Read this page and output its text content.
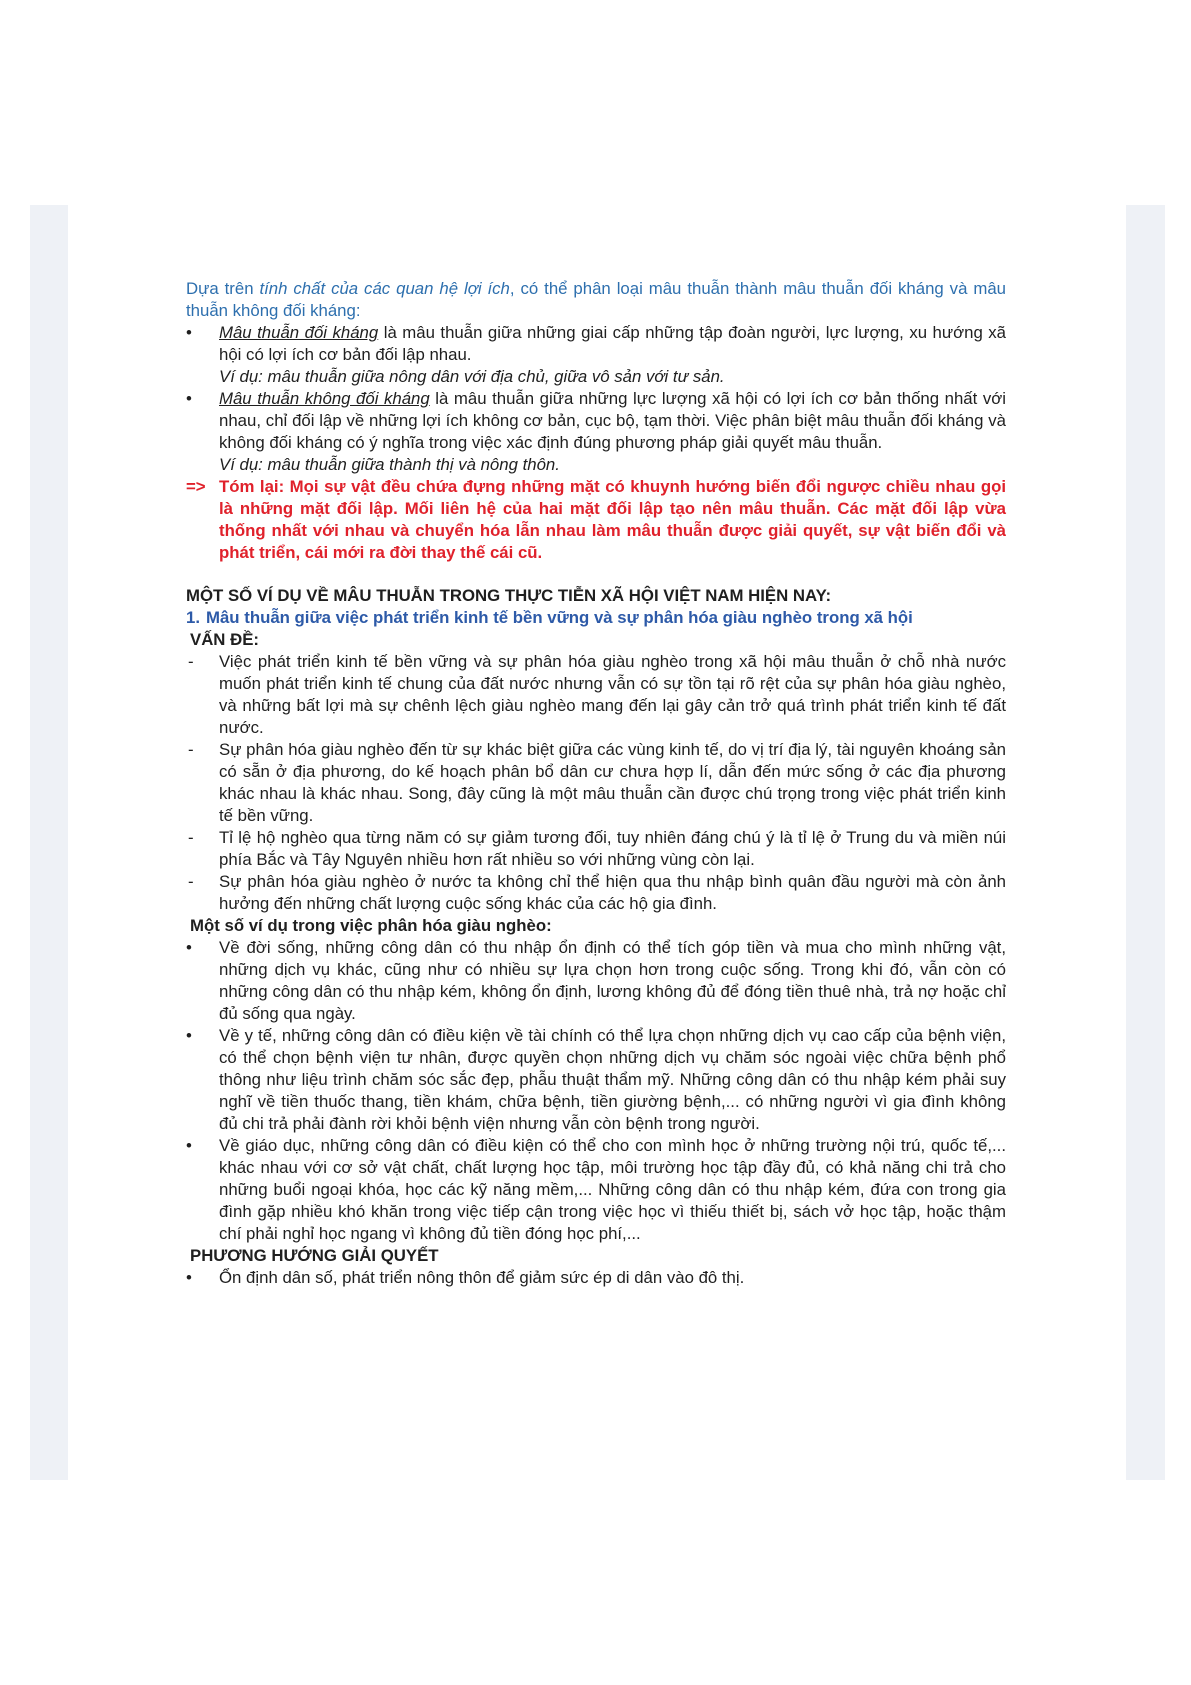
Dựa trên tính chất của các quan hệ lợi ích, có thể phân loại mâu thuẫn thành mâu thuẫn đối kháng và mâu thuẫn không đối kháng:

• Mâu thuẫn đối kháng là mâu thuẫn giữa những giai cấp những tập đoàn người, lực lượng, xu hướng xã hội có lợi ích cơ bản đối lập nhau.

Ví dụ: mâu thuẫn giữa nông dân với địa chủ, giữa vô sản với tư sản.

• Mâu thuẫn không đối kháng là mâu thuẫn giữa những lực lượng xã hội có lợi ích cơ bản thống nhất với nhau, chỉ đối lập về những lợi ích không cơ bản, cục bộ, tạm thời. Việc phân biệt mâu thuẫn đối kháng và không đối kháng có ý nghĩa trong việc xác định đúng phương pháp giải quyết mâu thuẫn.

Ví dụ: mâu thuẫn giữa thành thị và nông thôn.

=> Tóm lại: Mọi sự vật đều chứa đựng những mặt có khuynh hướng biến đổi ngược chiều nhau gọi là những mặt đối lập. Mối liên hệ của hai mặt đối lập tạo nên mâu thuẫn. Các mặt đối lập vừa thống nhất với nhau và chuyển hóa lẫn nhau làm mâu thuẫn được giải quyết, sự vật biến đổi và phát triển, cái mới ra đời thay thế cái cũ.

MỘT SỐ VÍ DỤ VỀ MÂU THUẪN TRONG THỰC TIỄN XÃ HỘI VIỆT NAM HIỆN NAY:

1. Mâu thuẫn giữa việc phát triển kinh tế bền vững và sự phân hóa giàu nghèo trong xã hội

VẤN ĐỀ:

- Việc phát triển kinh tế bền vững và sự phân hóa giàu nghèo trong xã hội mâu thuẫn ở chỗ nhà nước muốn phát triển kinh tế chung của đất nước nhưng vẫn có sự tồn tại rõ rệt của sự phân hóa giàu nghèo, và những bất lợi mà sự chênh lệch giàu nghèo mang đến lại gây cản trở quá trình phát triển kinh tế đất nước.

- Sự phân hóa giàu nghèo đến từ sự khác biệt giữa các vùng kinh tế, do vị trí địa lý, tài nguyên khoáng sản có sẵn ở địa phương, do kế hoạch phân bổ dân cư chưa hợp lí, dẫn đến mức sống ở các địa phương khác nhau là khác nhau. Song, đây cũng là một mâu thuẫn cần được chú trọng trong việc phát triển kinh tế bền vững.

- Tỉ lệ hộ nghèo qua từng năm có sự giảm tương đối, tuy nhiên đáng chú ý là tỉ lệ ở Trung du và miền núi phía Bắc và Tây Nguyên nhiều hơn rất nhiều so với những vùng còn lại.

- Sự phân hóa giàu nghèo ở nước ta không chỉ thể hiện qua thu nhập bình quân đầu người mà còn ảnh hưởng đến những chất lượng cuộc sống khác của các hộ gia đình.

Một số ví dụ trong việc phân hóa giàu nghèo:

• Về đời sống, những công dân có thu nhập ổn định có thể tích góp tiền và mua cho mình những vật, những dịch vụ khác, cũng như có nhiều sự lựa chọn hơn trong cuộc sống. Trong khi đó, vẫn còn có những công dân có thu nhập kém, không ổn định, lương không đủ để đóng tiền thuê nhà, trả nợ hoặc chỉ đủ sống qua ngày.

• Về y tế, những công dân có điều kiện về tài chính có thể lựa chọn những dịch vụ cao cấp của bệnh viện, có thể chọn bệnh viện tư nhân, được quyền chọn những dịch vụ chăm sóc ngoài việc chữa bệnh phổ thông như liệu trình chăm sóc sắc đẹp, phẫu thuật thẩm mỹ. Những công dân có thu nhập kém phải suy nghĩ về tiền thuốc thang, tiền khám, chữa bệnh, tiền giường bệnh,... có những người vì gia đình không đủ chi trả phải đành rời khỏi bệnh viện nhưng vẫn còn bệnh trong người.

• Về giáo dục, những công dân có điều kiện có thể cho con mình học ở những trường nội trú, quốc tế,... khác nhau với cơ sở vật chất, chất lượng học tập, môi trường học tập đầy đủ, có khả năng chi trả cho những buổi ngoại khóa, học các kỹ năng mềm,... Những công dân có thu nhập kém, đứa con trong gia đình gặp nhiều khó khăn trong việc tiếp cận trong việc học vì thiếu thiết bị, sách vở học tập, hoặc thậm chí phải nghỉ học ngang vì không đủ tiền đóng học phí,...

PHƯƠNG HƯỚNG GIẢI QUYẾT

• Ổn định dân số, phát triển nông thôn để giảm sức ép di dân vào đô thị.
